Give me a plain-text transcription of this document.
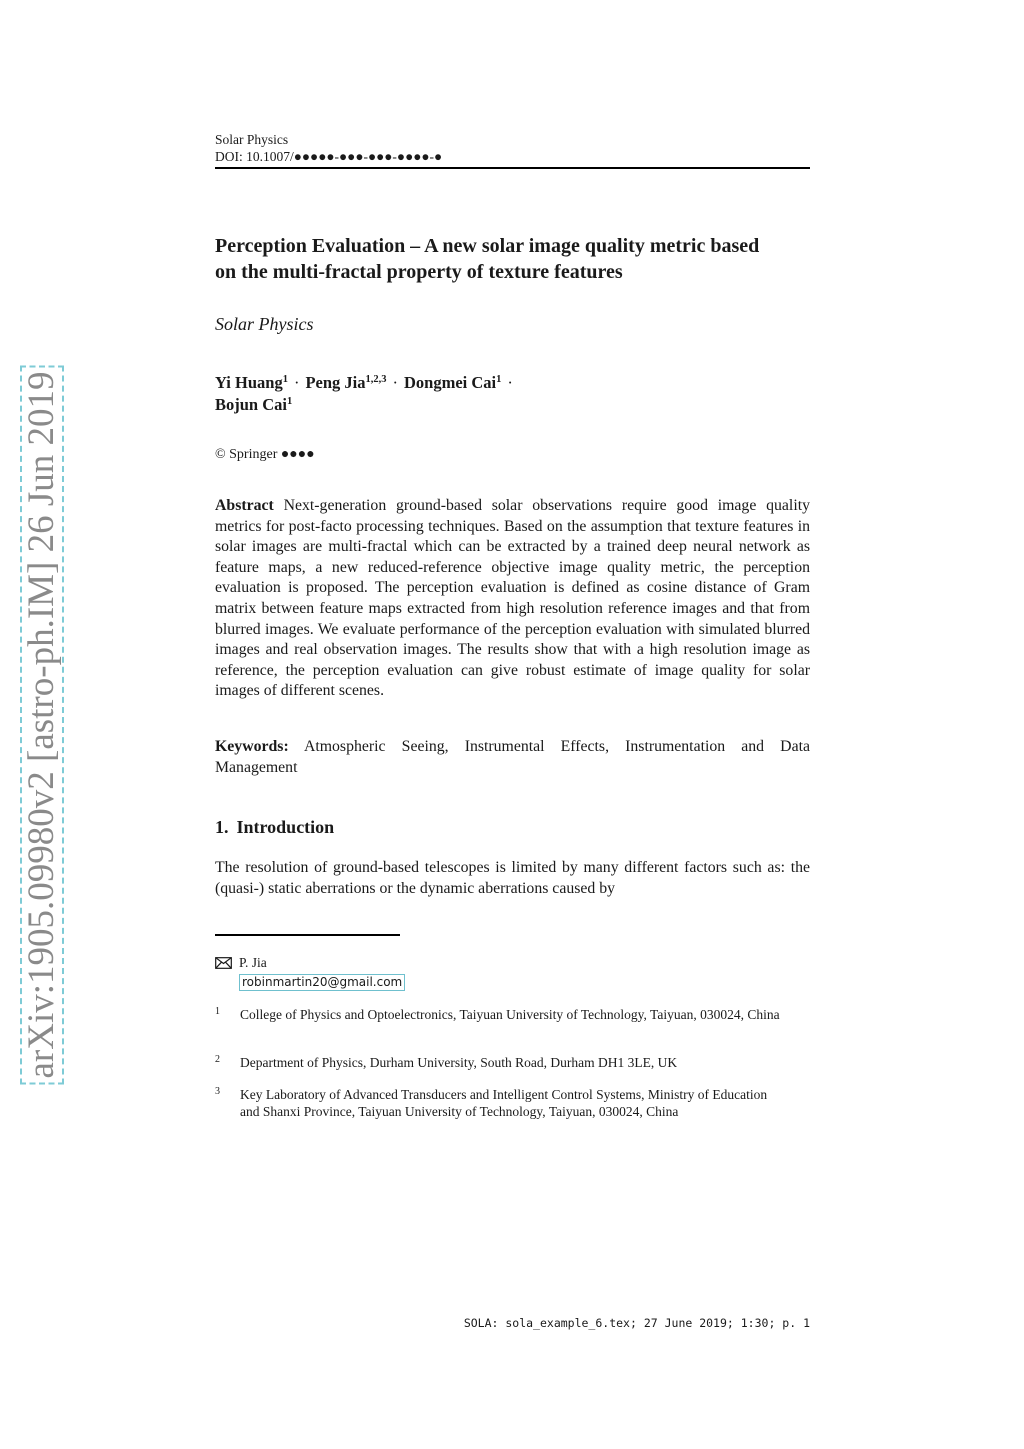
arXiv:1905.09980v2 [astro-ph.IM] 26 Jun 2019
Solar Physics
DOI: 10.1007/●●●●●-●●●-●●●-●●●●-●
Perception Evaluation – A new solar image quality metric based on the multi-fractal property of texture features
Solar Physics
Yi Huang$^1$ · Peng Jia$^{1,2,3}$ · Dongmei Cai$^1$ ·
Bojun Cai$^1$
© Springer ●●●●

Abstract Next-generation ground-based solar observations require good image quality metrics for post-facto processing techniques. Based on the assumption that texture features in solar images are multi-fractal which can be extracted by a trained deep neural network as feature maps, a new reduced-reference objective image quality metric, the perception evaluation is proposed. The perception evaluation is defined as cosine distance of Gram matrix between feature maps extracted from high resolution reference images and that from blurred images. We evaluate performance of the perception evaluation with simulated blurred images and real observation images. The results show that with a high resolution image as reference, the perception evaluation can give robust estimate of image quality for solar images of different scenes.

Keywords: Atmospheric Seeing, Instrumental Effects, Instrumentation and Data Management

1. Introduction

The resolution of ground-based telescopes is limited by many different factors such as: the (quasi-) static aberrations or the dynamic aberrations caused by

P. Jia
robinmartin20@gmail.com
1 College of Physics and Optoelectronics, Taiyuan University of Technology, Taiyuan, 030024, China
2 Department of Physics, Durham University, South Road, Durham DH1 3LE, UK
3 Key Laboratory of Advanced Transducers and Intelligent Control Systems, Ministry of Education and Shanxi Province, Taiyuan University of Technology, Taiyuan, 030024, China
SOLA: sola_example_6.tex; 27 June 2019; 1:30; p. 1
